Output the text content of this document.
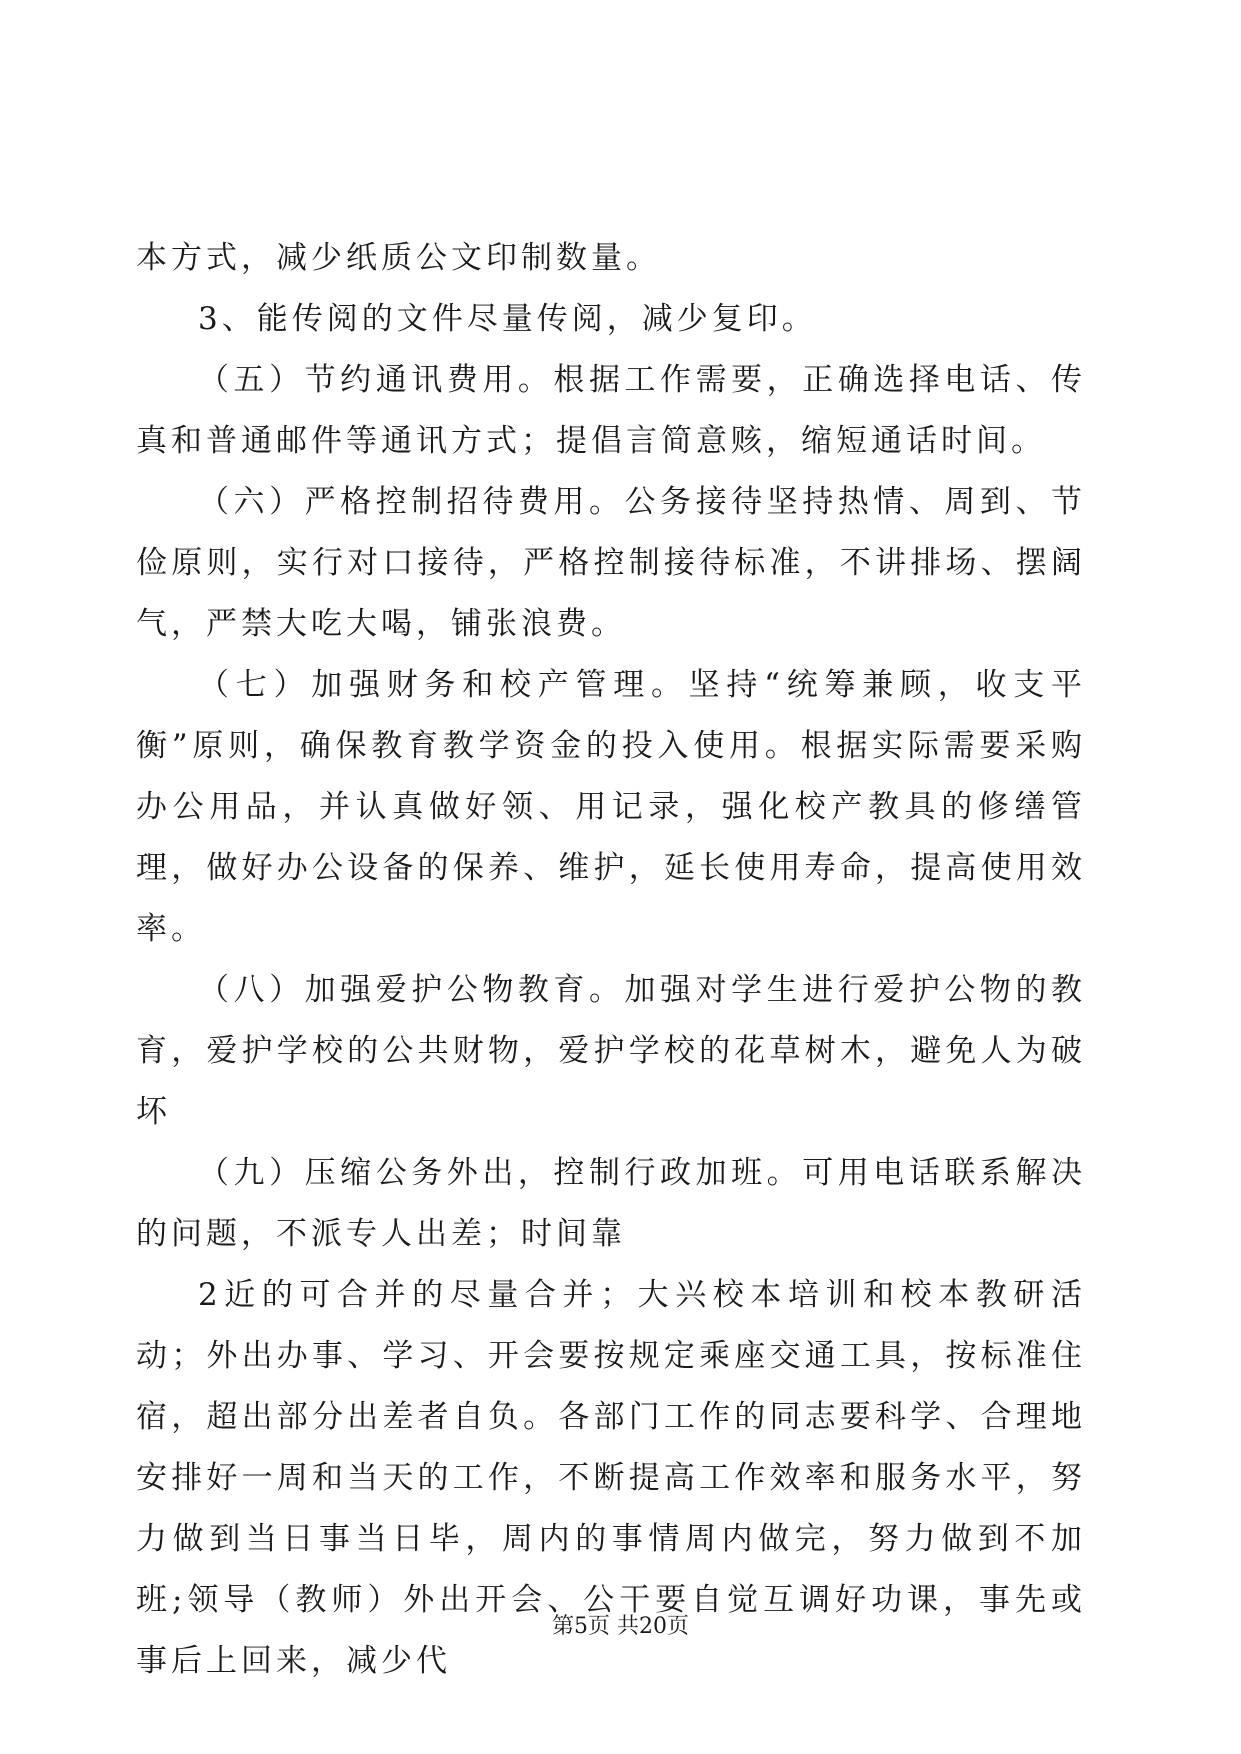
本方式，减少纸质公文印制数量。

3、能传阅的文件尽量传阅，减少复印。

（五）节约通讯费用。根据工作需要，正确选择电话、传真和普通邮件等通讯方式；提倡言简意赅，缩短通话时间。

（六）严格控制招待费用。公务接待坚持热情、周到、节俭原则，实行对口接待，严格控制接待标准，不讲排场、摆阔气，严禁大吃大喝，铺张浪费。

（七）加强财务和校产管理。坚持“统筹兼顾，收支平衡”原则，确保教育教学资金的投入使用。根据实际需要采购办公用品，并认真做好领、用记录，强化校产教具的修缮管理，做好办公设备的保养、维护，延长使用寿命，提高使用效率。

（八）加强爱护公物教育。加强对学生进行爱护公物的教育，爱护学校的公共财物，爱护学校的花草树木，避免人为破坏

（九）压缩公务外出，控制行政加班。可用电话联系解决的问题，不派专人出差；时间靠

2近的可合并的尽量合并；大兴校本培训和校本教研活动；外出办事、学习、开会要按规定乘座交通工具，按标准住宿，超出部分出差者自负。各部门工作的同志要科学、合理地安排好一周和当天的工作，不断提高工作效率和服务水平，努力做到当日事当日毕，周内的事情周内做完，努力做到不加班;领导（教师）外出开会、公干要自觉互调好功课，事先或事后上回来，减少代

第5页 共20页
